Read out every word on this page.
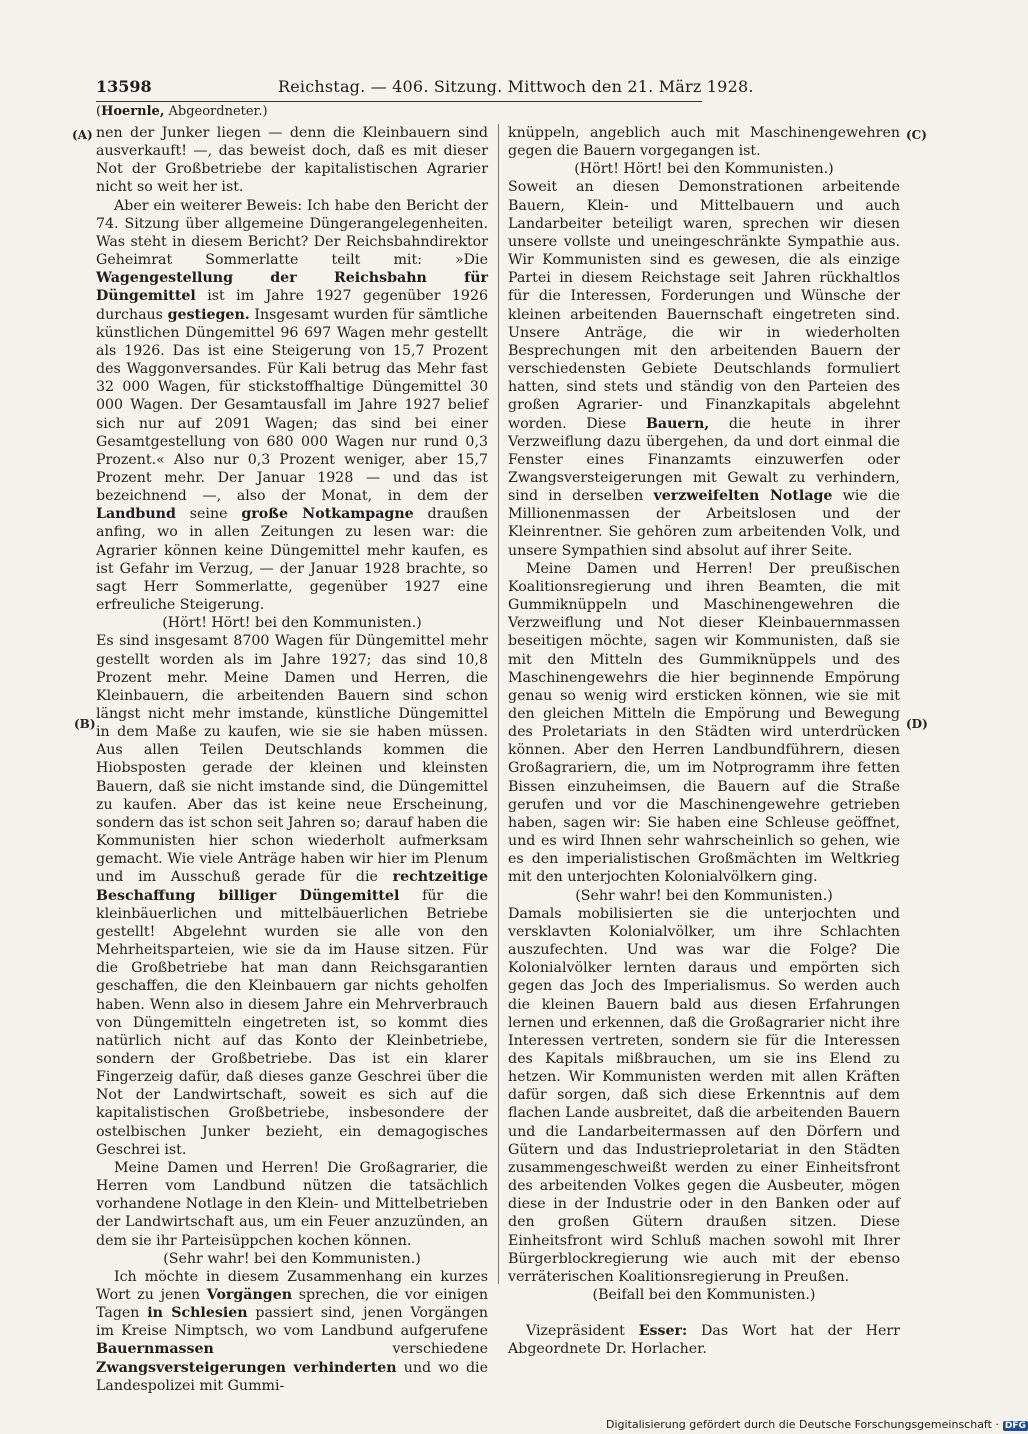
13598	Reichstag. — 406. Sitzung. Mittwoch den 21. März 1928.
(Hoernle, Abgeordneter.)
(A)
(B)
(C)
(D)

nen der Junker liegen — denn die Kleinbauern sind ausverkauft! —, das beweist doch, daß es mit dieser Not der Großbetriebe der kapitalistischen Agrarier nicht so weit her ist.

Aber ein weiterer Beweis: Ich habe den Bericht der 74. Sitzung über allgemeine Düngerangelegenheiten. Was steht in diesem Bericht? Der Reichsbahndirektor Geheimrat Sommerlatte teilt mit: »Die Wagengestellung der Reichsbahn für Düngemittel ist im Jahre 1927 gegenüber 1926 durchaus gestiegen. Insgesamt wurden für sämtliche künstlichen Düngemittel 96 697 Wagen mehr gestellt als 1926. Das ist eine Steigerung von 15,7 Prozent des Waggonversandes. Für Kali betrug das Mehr fast 32 000 Wagen, für stickstoffhaltige Düngemittel 30 000 Wagen. Der Gesamtausfall im Jahre 1927 belief sich nur auf 2091 Wagen; das sind bei einer Gesamtgestellung von 680 000 Wagen nur rund 0,3 Prozent.« Also nur 0,3 Prozent weniger, aber 15,7 Prozent mehr. Der Januar 1928 — und das ist bezeichnend —, also der Monat, in dem der Landbund seine große Notkampagne draußen anfing, wo in allen Zeitungen zu lesen war: die Agrarier können keine Düngemittel mehr kaufen, es ist Gefahr im Verzug, — der Januar 1928 brachte, so sagt Herr Sommerlatte, gegenüber 1927 eine erfreuliche Steigerung.

(Hört! Hört! bei den Kommunisten.)

Es sind insgesamt 8700 Wagen für Düngemittel mehr gestellt worden als im Jahre 1927; das sind 10,8 Prozent mehr. Meine Damen und Herren, die Kleinbauern, die arbeitenden Bauern sind schon längst nicht mehr imstande, künstliche Düngemittel in dem Maße zu kaufen, wie sie sie haben müssen. Aus allen Teilen Deutschlands kommen die Hiobsposten gerade der kleinen und kleinsten Bauern, daß sie nicht imstande sind, die Düngemittel zu kaufen. Aber das ist keine neue Erscheinung, sondern das ist schon seit Jahren so; darauf haben die Kommunisten hier schon wiederholt aufmerksam gemacht. Wie viele Anträge haben wir hier im Plenum und im Ausschuß gerade für die rechtzeitige Beschaffung billiger Düngemittel für die kleinbäuerlichen und mittelbäuerlichen Betriebe gestellt! Abgelehnt wurden sie alle von den Mehrheitsparteien, wie sie da im Hause sitzen. Für die Großbetriebe hat man dann Reichsgarantien geschaffen, die den Kleinbauern gar nichts geholfen haben. Wenn also in diesem Jahre ein Mehrverbrauch von Düngemitteln eingetreten ist, so kommt dies natürlich nicht auf das Konto der Kleinbetriebe, sondern der Großbetriebe. Das ist ein klarer Fingerzeig dafür, daß dieses ganze Geschrei über die Not der Landwirtschaft, soweit es sich auf die kapitalistischen Großbetriebe, insbesondere der ostelbischen Junker bezieht, ein demagogisches Geschrei ist.

Meine Damen und Herren! Die Großagrarier, die Herren vom Landbund nützen die tatsächlich vorhandene Notlage in den Klein- und Mittelbetrieben der Landwirtschaft aus, um ein Feuer anzuzünden, an dem sie ihr Parteisüppchen kochen können.

(Sehr wahr! bei den Kommunisten.)

Ich möchte in diesem Zusammenhang ein kurzes Wort zu jenen Vorgängen sprechen, die vor einigen Tagen in Schlesien passiert sind, jenen Vorgängen im Kreise Nimptsch, wo vom Landbund aufgerufene Bauernmassen verschiedene Zwangsversteigerungen verhinderten und wo die Landespolizei mit Gummi-

knüppeln, angeblich auch mit Maschinengewehren gegen die Bauern vorgegangen ist.

(Hört! Hört! bei den Kommunisten.)

Soweit an diesen Demonstrationen arbeitende Bauern, Klein- und Mittelbauern und auch Landarbeiter beteiligt waren, sprechen wir diesen unsere vollste und uneingeschränkte Sympathie aus. Wir Kommunisten sind es gewesen, die als einzige Partei in diesem Reichstage seit Jahren rückhaltlos für die Interessen, Forderungen und Wünsche der kleinen arbeitenden Bauernschaft eingetreten sind. Unsere Anträge, die wir in wiederholten Besprechungen mit den arbeitenden Bauern der verschiedensten Gebiete Deutschlands formuliert hatten, sind stets und ständig von den Parteien des großen Agrarier- und Finanzkapitals abgelehnt worden. Diese Bauern, die heute in ihrer Verzweiflung dazu übergehen, da und dort einmal die Fenster eines Finanzamts einzuwerfen oder Zwangsversteigerungen mit Gewalt zu verhindern, sind in derselben verzweifelten Notlage wie die Millionenmassen der Arbeitslosen und der Kleinrentner. Sie gehören zum arbeitenden Volk, und unsere Sympathien sind absolut auf ihrer Seite.

Meine Damen und Herren! Der preußischen Koalitionsregierung und ihren Beamten, die mit Gummiknüppeln und Maschinengewehren die Verzweiflung und Not dieser Kleinbauernmassen beseitigen möchte, sagen wir Kommunisten, daß sie mit den Mitteln des Gummiknüppels und des Maschinengewehrs die hier beginnende Empörung genau so wenig wird ersticken können, wie sie mit den gleichen Mitteln die Empörung und Bewegung des Proletariats in den Städten wird unterdrücken können. Aber den Herren Landbundführern, diesen Großagrariern, die, um im Notprogramm ihre fetten Bissen einzuheimsen, die Bauern auf die Straße gerufen und vor die Maschinengewehre getrieben haben, sagen wir: Sie haben eine Schleuse geöffnet, und es wird Ihnen sehr wahrscheinlich so gehen, wie es den imperialistischen Großmächten im Weltkrieg mit den unterjochten Kolonialvölkern ging.

(Sehr wahr! bei den Kommunisten.)

Damals mobilisierten sie die unterjochten und versklavten Kolonialvölker, um ihre Schlachten auszufechten. Und was war die Folge? Die Kolonialvölker lernten daraus und empörten sich gegen das Joch des Imperialismus. So werden auch die kleinen Bauern bald aus diesen Erfahrungen lernen und erkennen, daß die Großagrarier nicht ihre Interessen vertreten, sondern sie für die Interessen des Kapitals mißbrauchen, um sie ins Elend zu hetzen. Wir Kommunisten werden mit allen Kräften dafür sorgen, daß sich diese Erkenntnis auf dem flachen Lande ausbreitet, daß die arbeitenden Bauern und die Landarbeitermassen auf den Dörfern und Gütern und das Industrieproletariat in den Städten zusammengeschweißt werden zu einer Einheitsfront des arbeitenden Volkes gegen die Ausbeuter, mögen diese in der Industrie oder in den Banken oder auf den großen Gütern draußen sitzen. Diese Einheitsfront wird Schluß machen sowohl mit Ihrer Bürgerblockregierung wie auch mit der ebenso verräterischen Koalitionsregierung in Preußen.

(Beifall bei den Kommunisten.)

Vizepräsident Esser: Das Wort hat der Herr Abgeordnete Dr. Horlacher.

Digitalisierung gefördert durch die Deutsche Forschungsgemeinschaft · DFG
